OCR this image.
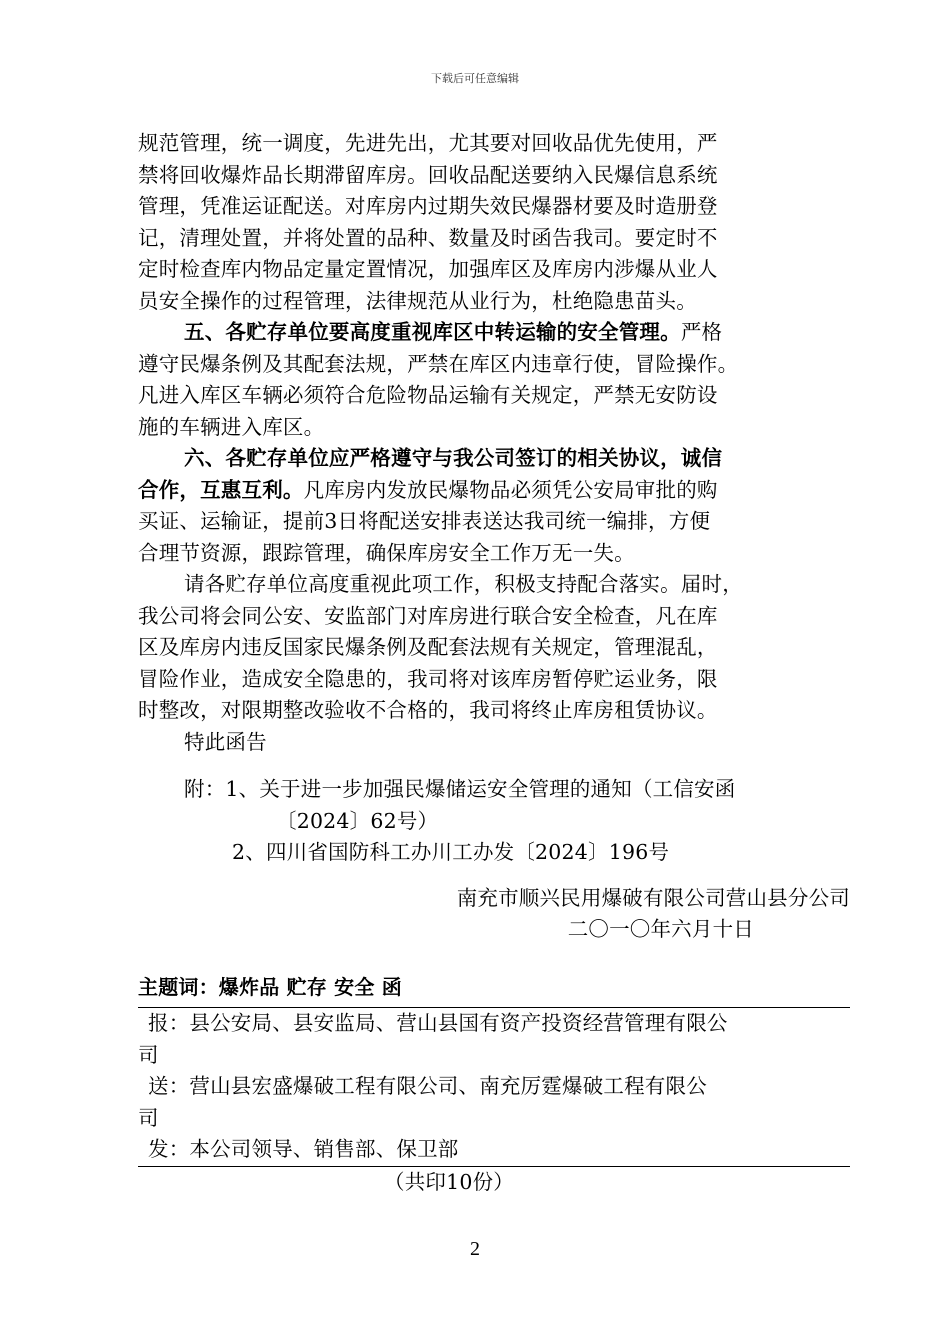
下载后可任意编辑
规范管理，统一调度，先进先出，尤其要对回收品优先使用，严
禁将回收爆炸品长期滞留库房。回收品配送要纳入民爆信息系统
管理，凭准运证配送。对库房内过期失效民爆器材要及时造册登
记，清理处置，并将处置的品种、数量及时函告我司。要定时不
定时检查库内物品定量定置情况，加强库区及库房内涉爆从业人
员安全操作的过程管理，法律规范从业行为，杜绝隐患苗头。
五、各贮存单位要高度重视库区中转运输的安全管理。严格
遵守民爆条例及其配套法规，严禁在库区内违章行使，冒险操作。
凡进入库区车辆必须符合危险物品运输有关规定，严禁无安防设
施的车辆进入库区。
六、各贮存单位应严格遵守与我公司签订的相关协议，诚信
合作，互惠互利。凡库房内发放民爆物品必须凭公安局审批的购
买证、运输证，提前3日将配送安排表送达我司统一编排，方便
合理节资源，跟踪管理，确保库房安全工作万无一失。
请各贮存单位高度重视此项工作，积极支持配合落实。届时，
我公司将会同公安、安监部门对库房进行联合安全检查，凡在库
区及库房内违反国家民爆条例及配套法规有关规定，管理混乱，
冒险作业，造成安全隐患的，我司将对该库房暂停贮运业务，限
时整改，对限期整改验收不合格的，我司将终止库房租赁协议。
特此函告
附：1、关于进一步加强民爆储运安全管理的通知（工信安函
〔2024〕62号）
2、四川省国防科工办川工办发〔2024〕196号
南充市顺兴民用爆破有限公司营山县分公司
二〇一〇年六月十日
主题词：爆炸品 贮存 安全 函
报：县公安局、县安监局、营山县国有资产投资经营管理有限公
司
送：营山县宏盛爆破工程有限公司、南充厉霆爆破工程有限公
司
发：本公司领导、销售部、保卫部
（共印10份）
2
